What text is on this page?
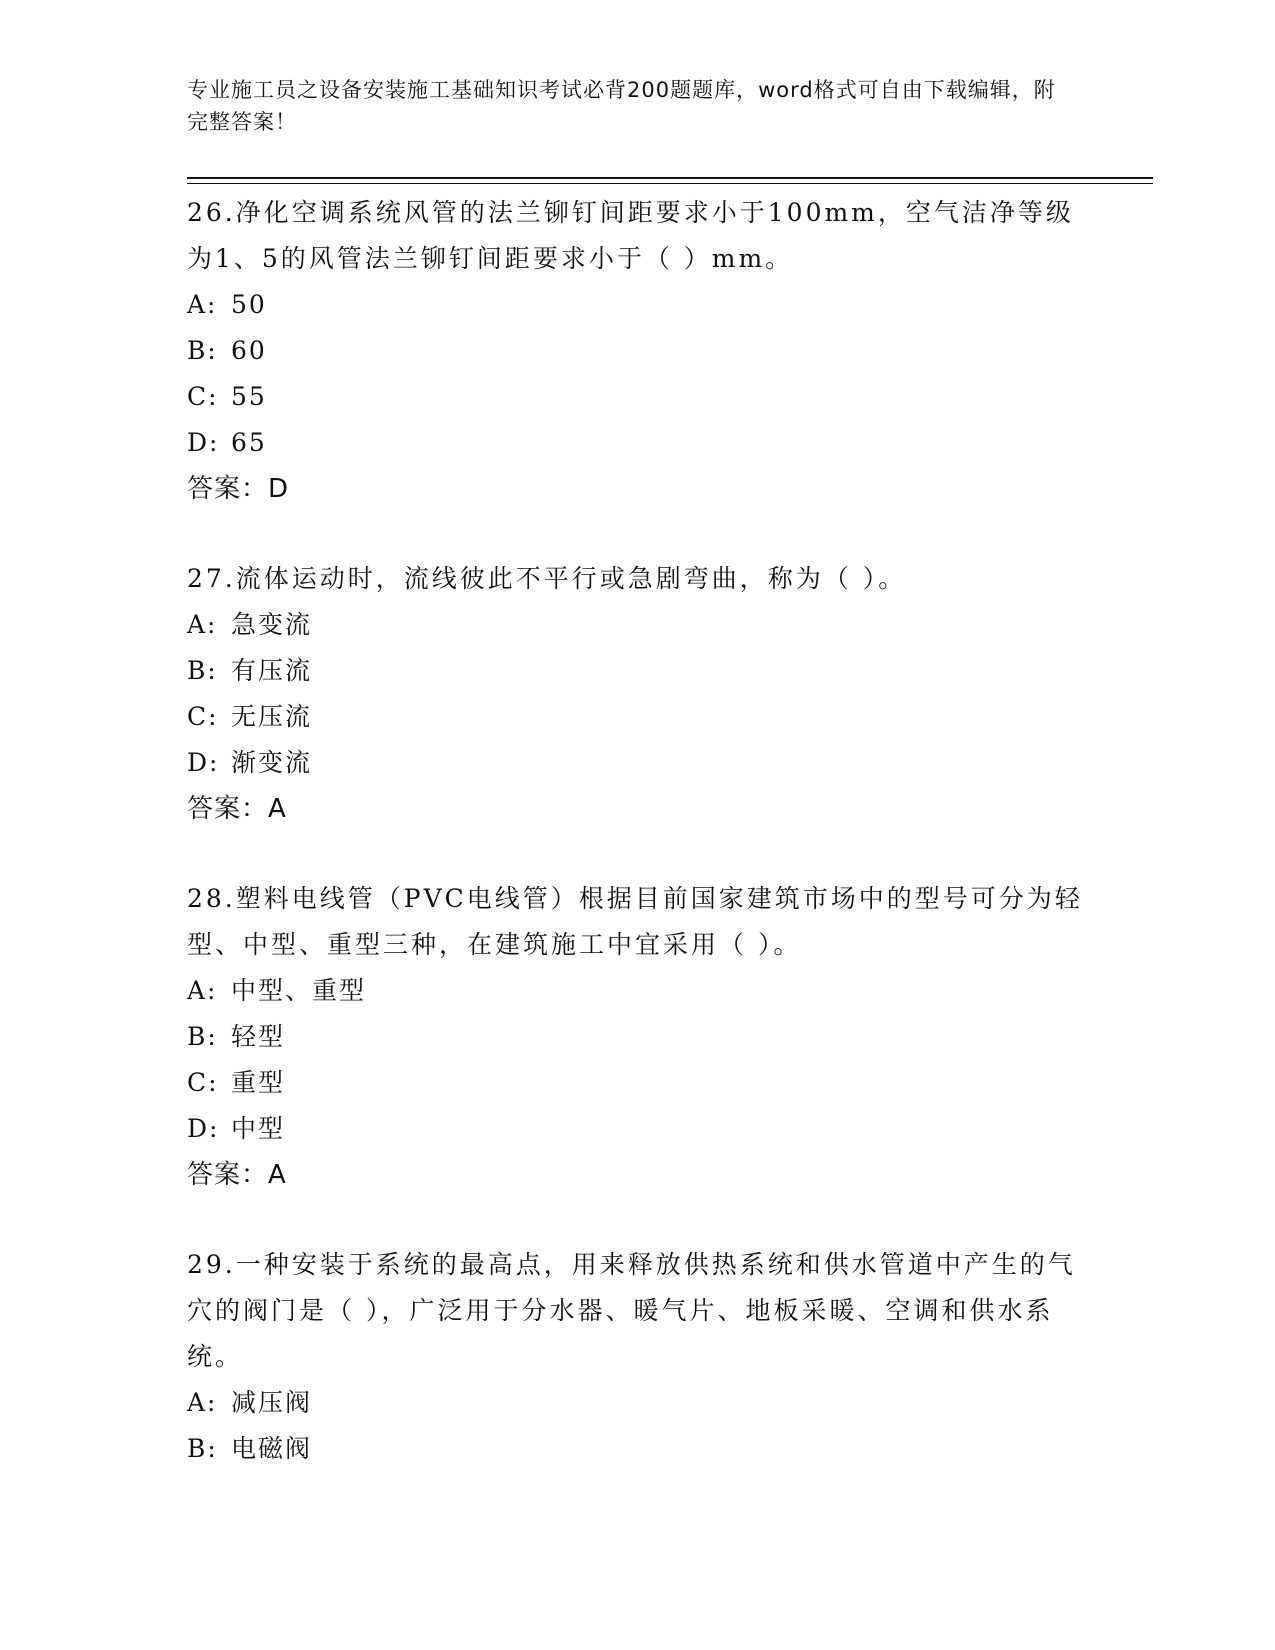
专业施工员之设备安装施工基础知识考试必背200题题库，word格式可自由下载编辑，附完整答案！
26.净化空调系统风管的法兰铆钉间距要求小于100mm，空气洁净等级为1、5的风管法兰铆钉间距要求小于（ ）mm。
A: 50
B: 60
C: 55
D: 65
答案：D
27.流体运动时，流线彼此不平行或急剧弯曲，称为（ ）。
A: 急变流
B: 有压流
C: 无压流
D: 渐变流
答案：A
28.塑料电线管（PVC电线管）根据目前国家建筑市场中的型号可分为轻型、中型、重型三种，在建筑施工中宜采用（ ）。
A: 中型、重型
B: 轻型
C: 重型
D: 中型
答案：A
29.一种安装于系统的最高点，用来释放供热系统和供水管道中产生的气穴的阀门是（ ），广泛用于分水器、暖气片、地板采暖、空调和供水系统。
A: 减压阀
B: 电磁阀
